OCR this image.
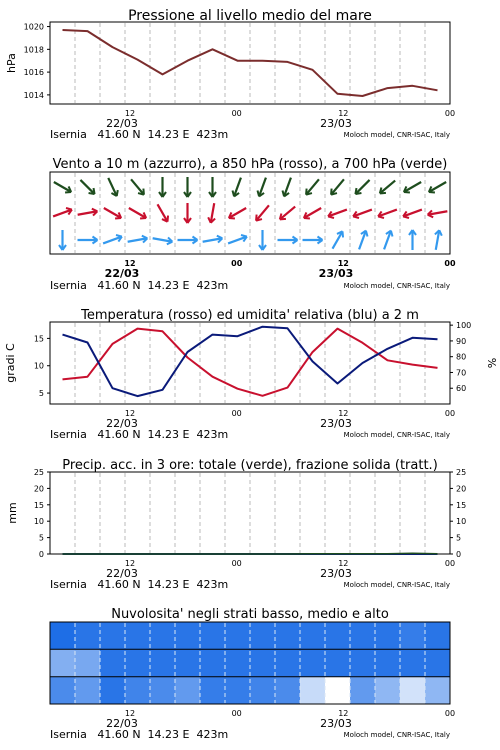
Pressione al livello medio del mare
hPa
1014
1016
1018
1020
12	00	12	00
22/03	23/03
Isernia   41.60 N  14.23 E  423m	Moloch model, CNR-ISAC, Italy
Vento a 10 m (azzurro), a 850 hPa (rosso), a 700 hPa (verde)
12	00	12	00
22/03	23/03
Isernia   41.60 N  14.23 E  423m	Moloch model, CNR-ISAC, Italy
Temperatura (rosso) ed umidita' relativa (blu) a 2 m
gradi C	%
5
10
15
60
70
80
90
100
12	00	12	00
22/03	23/03
Isernia   41.60 N  14.23 E  423m	Moloch model, CNR-ISAC, Italy
Precip. acc. in 3 ore: totale (verde), frazione solida (tratt.)
mm
0
5
10
15
20
25
0
5
10
15
20
25
12	00	12	00
22/03	23/03
Isernia   41.60 N  14.23 E  423m	Moloch model, CNR-ISAC, Italy
Nuvolosita' negli strati basso, medio e alto
12	00	12	00
22/03	23/03
Isernia   41.60 N  14.23 E  423m	Moloch model, CNR-ISAC, Italy
